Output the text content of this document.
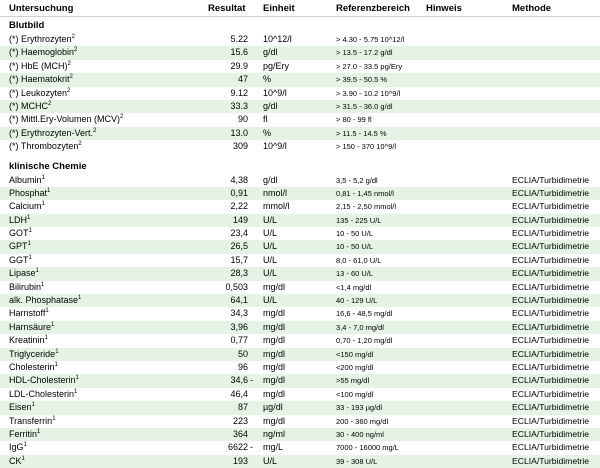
Untersuchung	Resultat Einheit	Referenzbereich Hinweis	Methode
Blutbild
(*) Erythrozyten$^2$	5.22 10^12/l	> 4.30 - 5.75 10^12/l
(*) Haemoglobin$^2$	15.6 g/dl	> 13.5 - 17.2 g/dl
(*) HbE (MCH)$^2$	29.9 pg/Ery	> 27.0 - 33.5 pg/Ery
(*) Haematokrit$^2$	47 %	> 39.5 - 50.5 %
(*) Leukozyten$^2$	9.12 10^9/l	> 3.90 - 10.2 10^9/l
(*) MCHC$^2$	33.3 g/dl	> 31.5 - 36.0 g/dl
(*) Mittl.Ery-Volumen (MCV)$^2$	90 fl	> 80 - 99 fl
(*) Erythrozyten-Vert.$^2$	13.0 %	> 11.5 - 14.5 %
(*) Thrombozyten$^2$	309 10^9/l	> 150 - 370 10^9/l
klinische Chemie
Albumin$^1$	4,38 g/dl	3,5 - 5,2 g/dl	ECLIA/Turbidimetrie
Phosphat$^1$	0,91 nmol/l	0,81 - 1,45 nmol/l	ECLIA/Turbidimetrie
Calcium$^1$	2,22 mmol/l	2,15 - 2,50 mmol/l	ECLIA/Turbidimetrie
LDH$^1$	149 U/L	135 - 225 U/L	ECLIA/Turbidimetrie
GOT$^1$	23,4 U/L	10 - 50 U/L	ECLIA/Turbidimetrie
GPT$^1$	26,5 U/L	10 - 50 U/L	ECLIA/Turbidimetrie
GGT$^1$	15,7 U/L	8,0 - 61,0 U/L	ECLIA/Turbidimetrie
Lipase$^1$	28,3 U/L	13 - 60 U/L	ECLIA/Turbidimetrie
Bilirubin$^1$	0,503 mg/dl	<1,4 mg/dl	ECLIA/Turbidimetrie
alk. Phosphatase$^1$	64,1 U/L	40 - 129 U/L	ECLIA/Turbidimetrie
Harnstoff$^1$	34,3 mg/dl	16,6 - 48,5 mg/dl	ECLIA/Turbidimetrie
Harnsäure$^1$	3,96 mg/dl	3,4 - 7,0 mg/dl	ECLIA/Turbidimetrie
Kreatinin$^1$	0,77 mg/dl	0,70 - 1,20 mg/dl	ECLIA/Turbidimetrie
Triglyceride$^1$	50 mg/dl	<150 mg/dl	ECLIA/Turbidimetrie
Cholesterin$^1$	96 mg/dl	<200 mg/dl	ECLIA/Turbidimetrie
HDL-Cholesterin$^1$	34,6 - mg/dl	>55 mg/dl	ECLIA/Turbidimetrie
LDL-Cholesterin$^1$	46,4 mg/dl	<100 mg/dl	ECLIA/Turbidimetrie
Eisen$^1$	87 µg/dl	33 - 193 µg/dl	ECLIA/Turbidimetrie
Transferrin$^1$	223 mg/dl	200 - 360 mg/dl	ECLIA/Turbidimetrie
Ferritin$^1$	364 ng/ml	30 - 400 ng/ml	ECLIA/Turbidimetrie
IgG$^1$	6622 - mg/L	7000 - 16000 mg/L	ECLIA/Turbidimetrie
$CK^1$	193 U/L	39 - 308 U/L	ECLIA/Turbidimetrie
